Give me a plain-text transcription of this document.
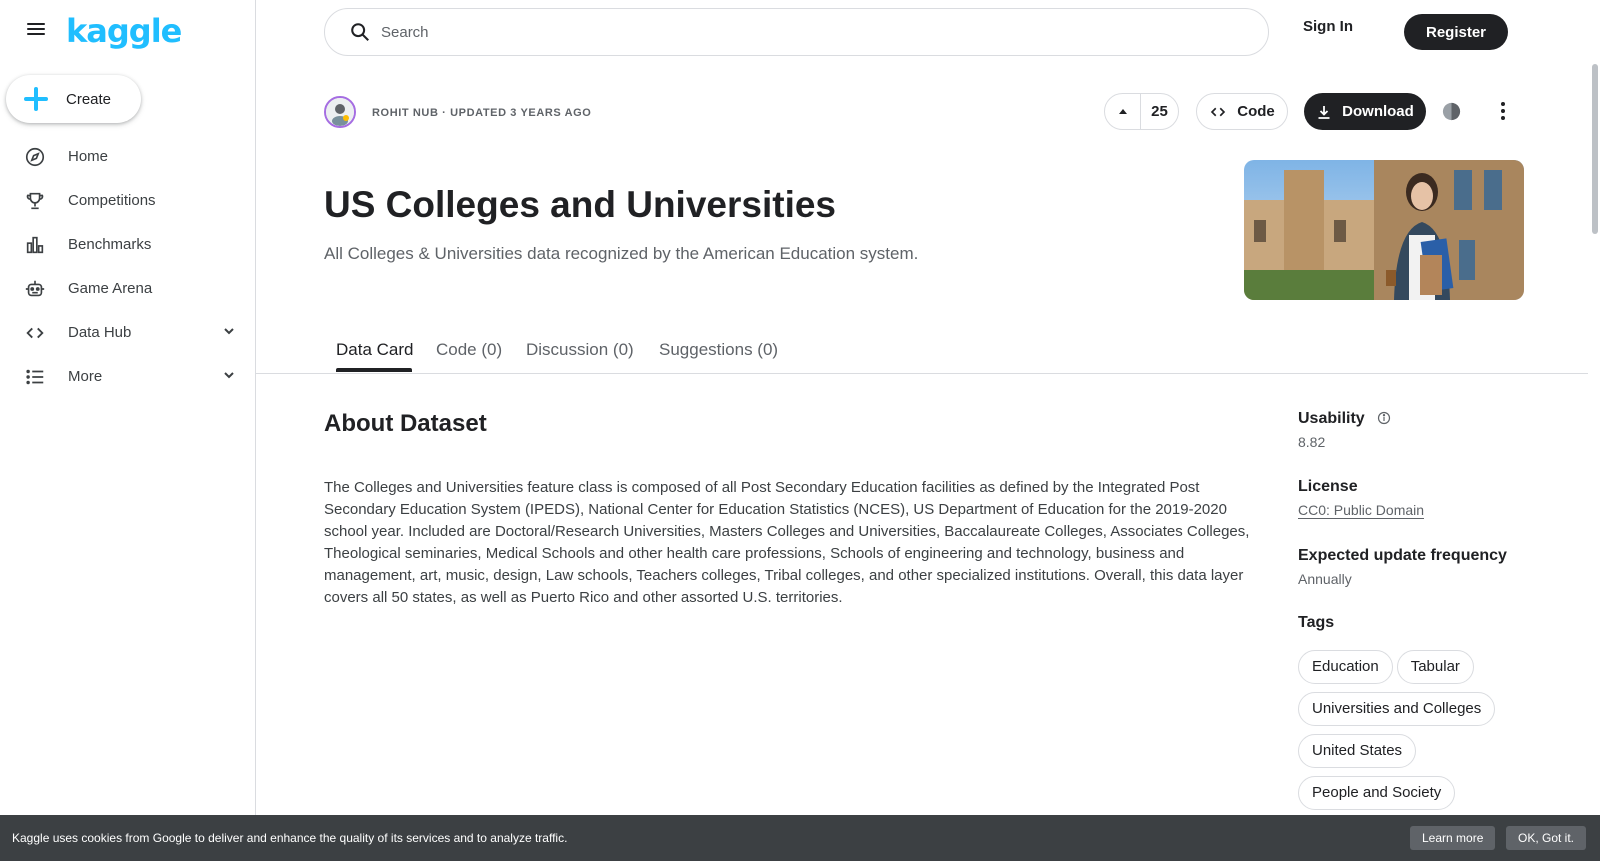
kaggle
Create
Home
Competitions
Benchmarks
Game Arena
Data Hub
More
Search
Sign In	Register
ROHIT NUB · UPDATED 3 YEARS AGO	25	Code	Download
US Colleges and Universities
All Colleges & Universities data recognized by the American Education system.
Data Card Code (0) Discussion (0) Suggestions (0)
About Dataset
The Colleges and Universities feature class is composed of all Post Secondary Education facilities as defined by the Integrated Post Secondary Education System (IPEDS), National Center for Education Statistics (NCES), US Department of Education for the 2019-2020 school year. Included are Doctoral/Research Universities, Masters Colleges and Universities, Baccalaureate Colleges, Associates Colleges, Theological seminaries, Medical Schools and other health care professions, Schools of engineering and technology, business and management, art, music, design, Law schools, Teachers colleges, Tribal colleges, and other specialized institutions. Overall, this data layer covers all 50 states, as well as Puerto Rico and other assorted U.S. territories.
Usability
8.82
License
CC0: Public Domain
Expected update frequency
Annually
Tags
Education Tabular
Universities and Colleges
United States
People and Society
Kaggle uses cookies from Google to deliver and enhance the quality of its services and to analyze traffic.	Learn more	OK, Got it.
